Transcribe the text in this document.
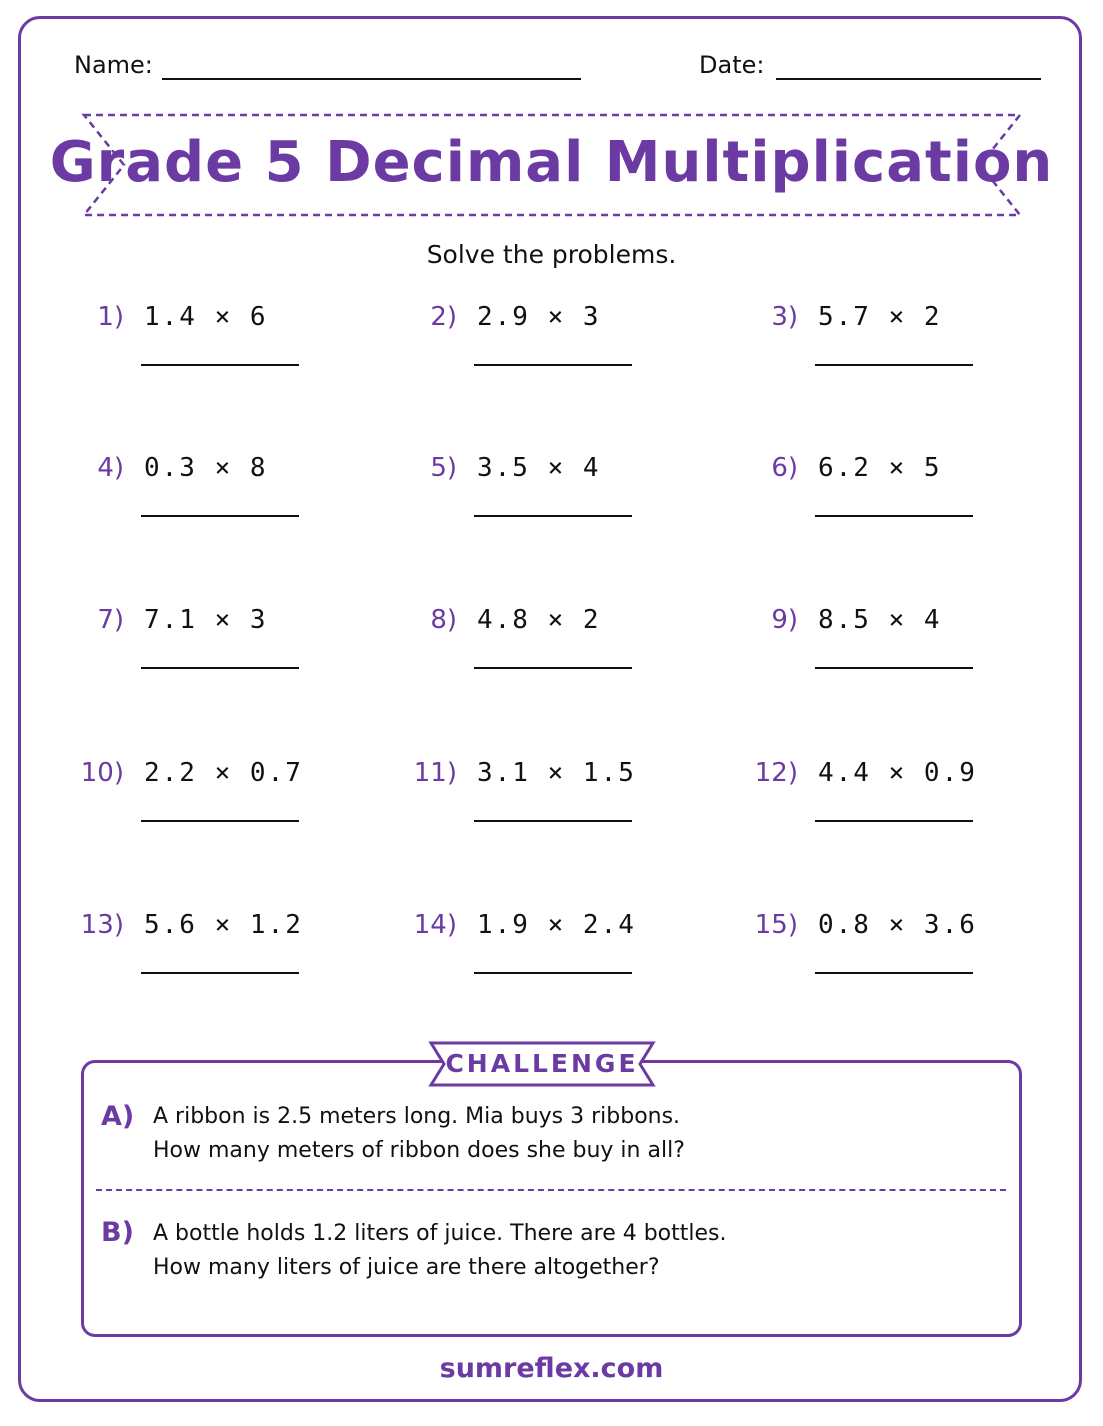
Name:	Date:
Grade 5 Decimal Multiplication
Solve the problems.
1) 1.4 × 6	2) 2.9 × 3	3) 5.7 × 2
4) 0.3 × 8	5) 3.5 × 4	6) 6.2 × 5
7) 7.1 × 3	8) 4.8 × 2	9) 8.5 × 4
10) 2.2 × 0.7	11) 3.1 × 1.5	12) 4.4 × 0.9
13) 5.6 × 1.2	14) 1.9 × 2.4	15) 0.8 × 3.6
CHALLENGE
A) A ribbon is 2.5 meters long. Mia buys 3 ribbons.
How many meters of ribbon does she buy in all?
B) A bottle holds 1.2 liters of juice. There are 4 bottles.
How many liters of juice are there altogether?
sumreflex.com
